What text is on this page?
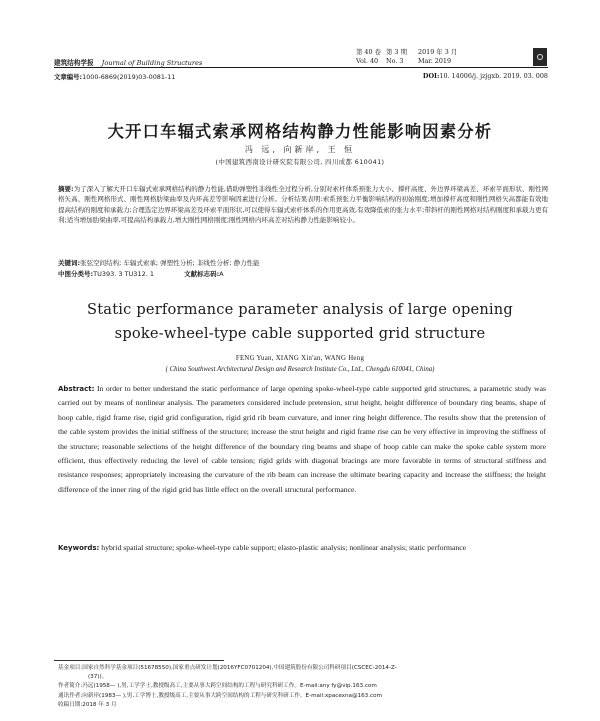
建筑结构学报 Journal of Building Structures
第 40 卷 第 3 期	2019 年 3 月
Vol. 40 No. 3	Mar. 2019
文章编号:1000-6869(2019)03-0081-11	DOI:10. 14006/j. jzjgxb. 2019. 03. 008
大开口车辐式索承网格结构静力性能影响因素分析
冯 远, 向新岸, 王 恒
(中国建筑西南设计研究院有限公司, 四川成都 610041)
摘要:为了深入了解大开口车辐式索承网格结构的静力性能,借助弹塑性非线性全过程分析,分别对索杆体系预张力大小、撑杆高度、外边界环梁高差、环索平面形状、刚性网格矢高、刚性网格形式、刚性网格肋梁曲率及内环高差等影响因素进行分析。分析结果表明:索系预张力平衡影响结构的初始刚度;增加撑杆高度和刚性网格矢高都能有效地提高结构的刚度和承载力;合理选定边界环梁高差及环索平面形状,可以使得车辐式索杆体系的作用更高效,有效降低索的张力水平;带斜杆的刚性网格对结构刚度和承载力更有利;适当增加肋梁曲率,可提高结构承载力,增大刚性网格刚度;刚性网格内环高差对结构静力性能影响较小。
关键词:张弦空间结构; 车辐式索承; 弹塑性分析; 非线性分析; 静力性能
中图分类号:TU393. 3 TU312. 1	文献标志码:A
Static performance parameter analysis of large opening
spoke-wheel-type cable supported grid structure
FENG Yuan, XIANG Xin'an, WANG Heng
( China Southwest Architectural Design and Research Institute Co., Ltd., Chengdu 610041, China)
Abstract: In order to better understand the static performance of large opening spoke-wheel-type cable supported grid structures, a parametric study was carried out by means of nonlinear analysis. The parameters considered include pretension, strut height, height difference of boundary ring beams, shape of hoop cable, rigid frame rise, rigid grid configuration, rigid grid rib beam curvature, and inner ring height difference. The results show that the pretension of the cable system provides the initial stiffness of the structure; increase the strut height and rigid frame rise can be very effective in improving the stiffness of the structure; reasonable selections of the height difference of the boundary ring beams and shape of hoop cable can make the spoke cable system more efficient, thus effectively reducing the level of cable tension; rigid grids with diagonal bracings are more favorable in terms of structural stiffness and resistance responses; appropriately increasing the curvature of the rib beam can increase the ultimate bearing capacity and increase the stiffness; the height difference of the inner ring of the rigid grid has little effect on the overall structural performance.
Keywords: hybrid spatial structure; spoke-wheel-type cable support; elasto-plastic analysis; nonlinear analysis; static performance

基金项目:国家自然科学基金项目(51678550),国家重点研发计划(2016YFC0701204),中国建筑股份有限公司科研项目(CSCEC-2014-Z-

(37))。

作者简介:冯远(1958— ),男,工学学士,教授级高工,主要从事大跨空间结构的工程与研究科研工作。E-mail:any fy@vip.163.com

通讯作者:向新岸(1983— ),男,工学博士,教授级高工,主要从事大跨空间结构的工程与研究科研工作。E-mail:xpacexna@163.com

收稿日期:2018 年 3 月
